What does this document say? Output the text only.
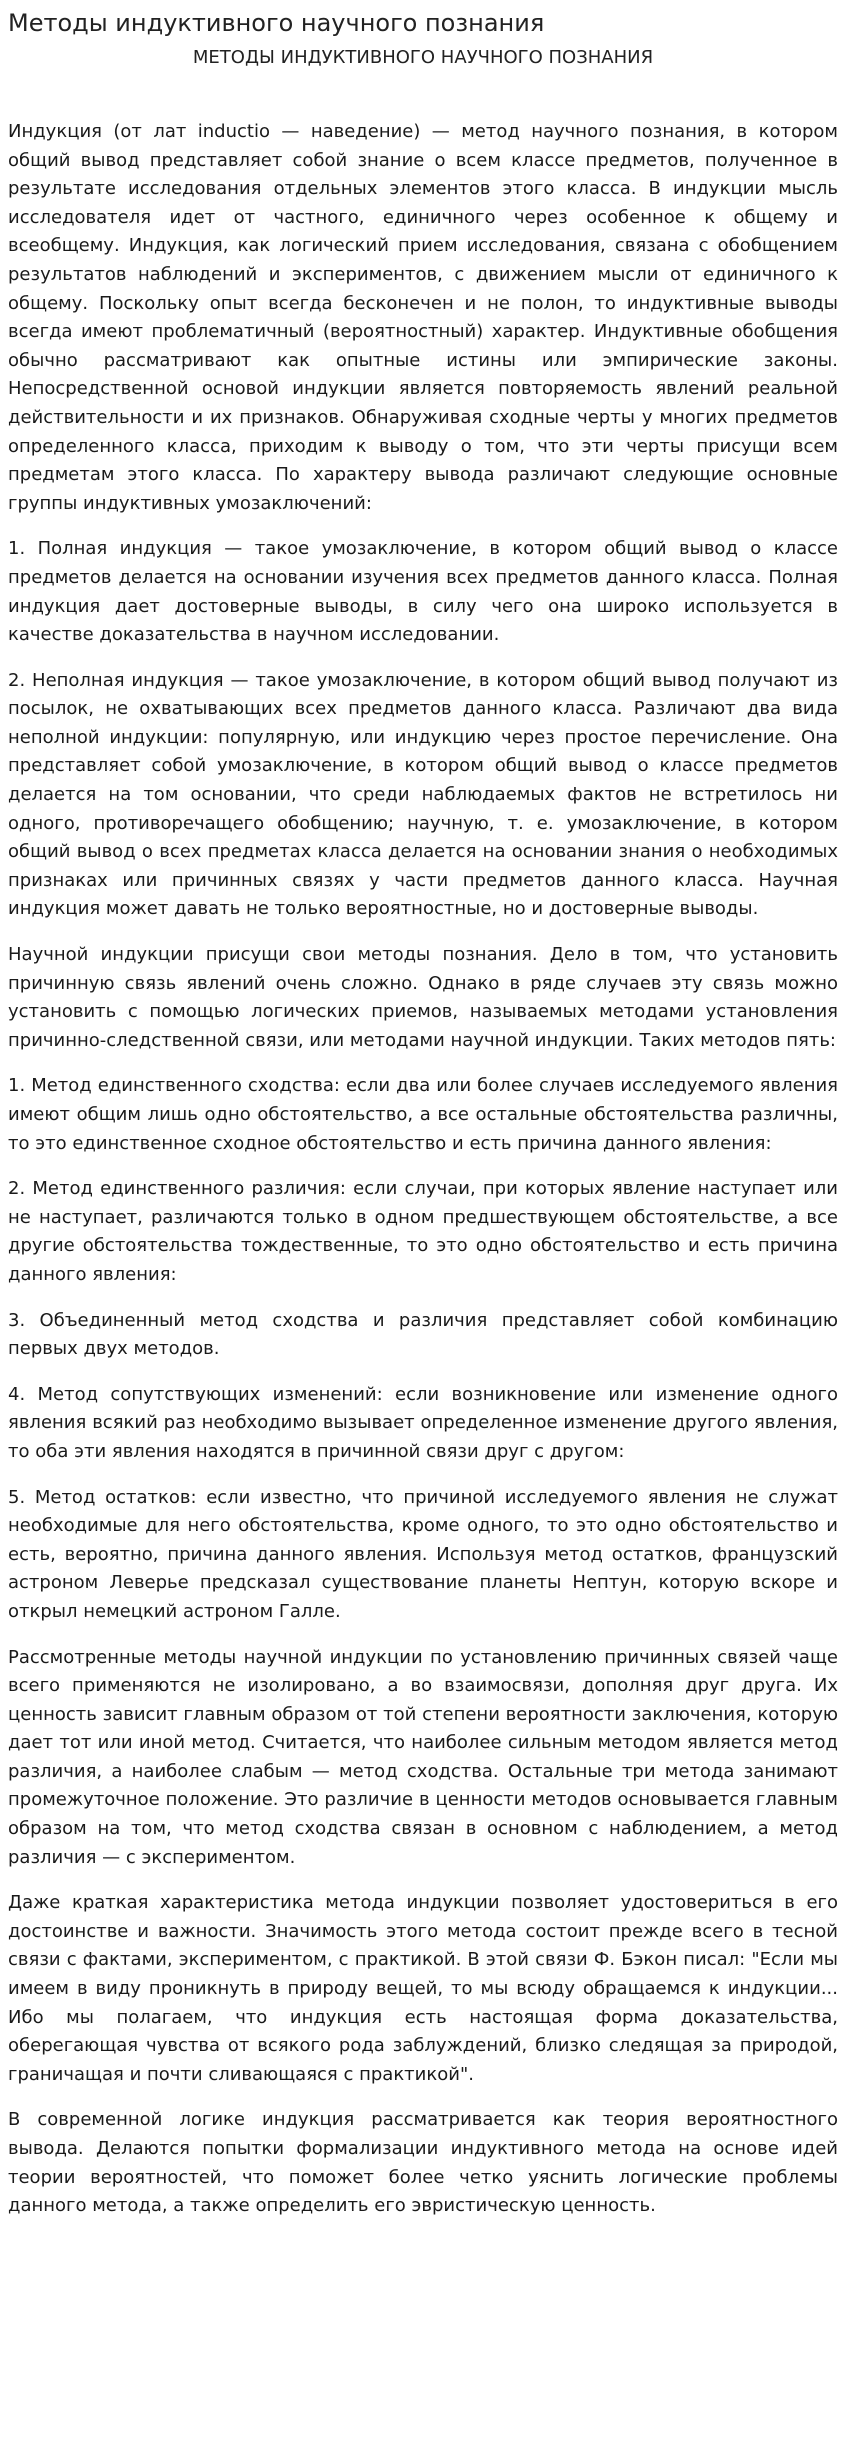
Методы индуктивного научного познания
МЕТОДЫ ИНДУКТИВНОГО НАУЧНОГО ПОЗНАНИЯ

Индукция (от лат inductio — наведение) — метод научного познания, в котором общий вывод представляет собой знание о всем классе предметов, полученное в результате исследования отдельных элементов этого класса. В индукции мысль исследователя идет от частного, единичного через особенное к общему и всеобщему. Индукция, как логический прием исследования, связана с обобщением результатов наблюдений и экспериментов, с движением мысли от единичного к общему. Поскольку опыт всегда бесконечен и не полон, то индуктивные выводы всегда имеют проблематичный (вероятностный) характер. Индуктивные обобщения обычно рассматривают как опытные истины или эмпирические законы. Непосредственной основой индукции является повторяемость явлений реальной действительности и их признаков. Обнаруживая сходные черты у многих предметов определенного класса, приходим к выводу о том, что эти черты присущи всем предметам этого класса. По характеру вывода различают следующие основные группы индуктивных умозаключений:

1. Полная индукция — такое умозаключение, в котором общий вывод о классе предметов делается на основании изучения всех предметов данного класса. Полная индукция дает достоверные выводы, в силу чего она широко используется в качестве доказательства в научном исследовании.

2. Неполная индукция — такое умозаключение, в котором общий вывод получают из посылок, не охватывающих всех предметов данного класса. Различают два вида неполной индукции: популярную, или индукцию через простое перечисление. Она представляет собой умозаключение, в котором общий вывод о классе предметов делается на том основании, что среди наблюдаемых фактов не встретилось ни одного, противоречащего обобщению; научную, т. е. умозаключение, в котором общий вывод о всех предметах класса делается на основании знания о необходимых признаках или причинных связях у части предметов данного класса. Научная индукция может давать не только вероятностные, но и достоверные выводы.

Научной индукции присущи свои методы познания. Дело в том, что установить причинную связь явлений очень сложно. Однако в ряде случаев эту связь можно установить с помощью логических приемов, называемых методами установления причинно-следственной связи, или методами научной индукции. Таких методов пять:

1. Метод единственного сходства: если два или более случаев исследуемого явления имеют общим лишь одно обстоятельство, а все остальные обстоятельства различны, то это единственное сходное обстоятельство и есть причина данного явления:

2. Метод единственного различия: если случаи, при которых явление наступает или не наступает, различаются только в одном предшествующем обстоятельстве, а все другие обстоятельства тождественные, то это одно обстоятельство и есть причина данного явления:

3. Объединенный метод сходства и различия представляет собой комбинацию первых двух методов.

4. Метод сопутствующих изменений: если возникновение или изменение одного явления всякий раз необходимо вызывает определенное изменение другого явления, то оба эти явления находятся в причинной связи друг с другом:

5. Метод остатков: если известно, что причиной исследуемого явления не служат необходимые для него обстоятельства, кроме одного, то это одно обстоятельство и есть, вероятно, причина данного явления. Используя метод остатков, французский астроном Леверье предсказал существование планеты Нептун, которую вскоре и открыл немецкий астроном Галле.

Рассмотренные методы научной индукции по установлению причинных связей чаще всего применяются не изолировано, а во взаимосвязи, дополняя друг друга. Их ценность зависит главным образом от той степени вероятности заключения, которую дает тот или иной метод. Считается, что наиболее сильным методом является метод различия, а наиболее слабым — метод сходства. Остальные три метода занимают промежуточное положение. Это различие в ценности методов основывается главным образом на том, что метод сходства связан в основном с наблюдением, а метод различия — с экспериментом.

Даже краткая характеристика метода индукции позволяет удостовериться в его достоинстве и важности. Значимость этого метода состоит прежде всего в тесной связи с фактами, экспериментом, с практикой. В этой связи Ф. Бэкон писал: "Если мы имеем в виду проникнуть в природу вещей, то мы всюду обращаемся к индукции... Ибо мы полагаем, что индукция есть настоящая форма доказательства, оберегающая чувства от всякого рода заблуждений, близко следящая за природой, граничащая и почти сливающаяся с практикой".

В современной логике индукция рассматривается как теория вероятностного вывода. Делаются попытки формализации индуктивного метода на основе идей теории вероятностей, что поможет более четко уяснить логические проблемы данного метода, а также определить его эвристическую ценность.
